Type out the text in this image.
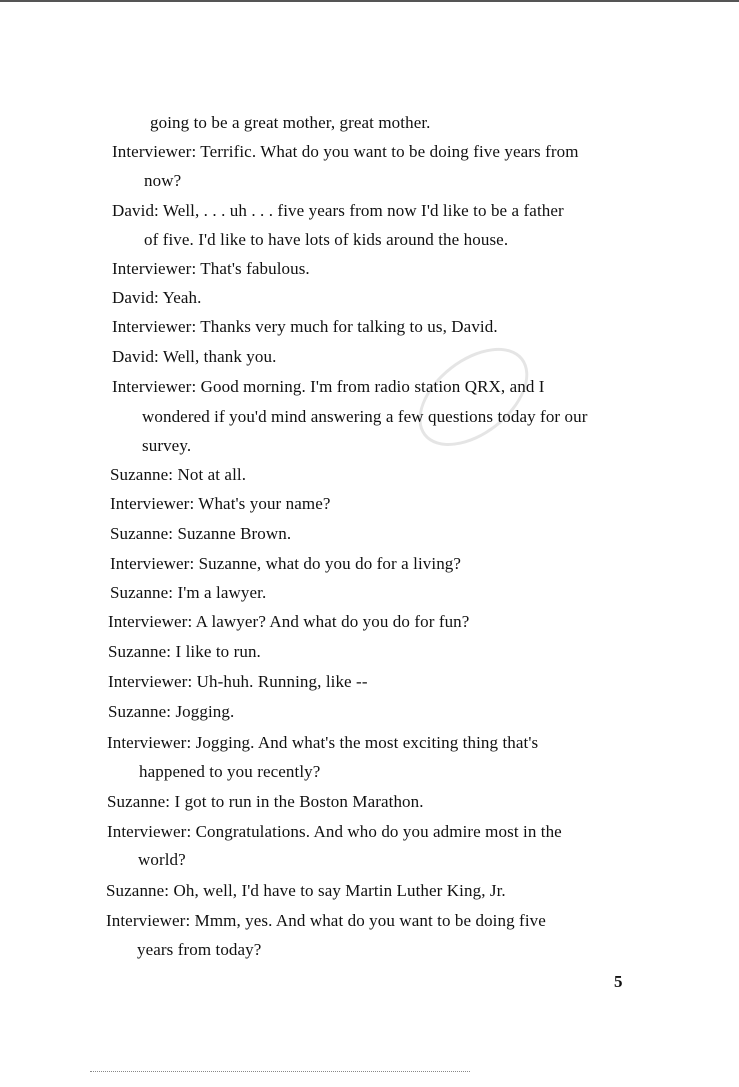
going to be a great mother, great mother.
Interviewer: Terrific. What do you want to be doing five years from
now?
David: Well, . . . uh . . . five years from now I'd like to be a father
of five. I'd like to have lots of kids around the house.
Interviewer: That's fabulous.
David: Yeah.
Interviewer: Thanks very much for talking to us, David.
David: Well, thank you.
Interviewer: Good morning. I'm from radio station QRX, and I
wondered if you'd mind answering a few questions today for our
survey.
Suzanne: Not at all.
Interviewer: What's your name?
Suzanne: Suzanne Brown.
Interviewer: Suzanne, what do you do for a living?
Suzanne: I'm a lawyer.
Interviewer: A lawyer? And what do you do for fun?
Suzanne: I like to run.
Interviewer: Uh-huh. Running, like --
Suzanne: Jogging.
Interviewer: Jogging. And what's the most exciting thing that's
happened to you recently?
Suzanne: I got to run in the Boston Marathon.
Interviewer: Congratulations. And who do you admire most in the
world?
Suzanne: Oh, well, I'd have to say Martin Luther King, Jr.
Interviewer: Mmm, yes. And what do you want to be doing five
years from today?
5
